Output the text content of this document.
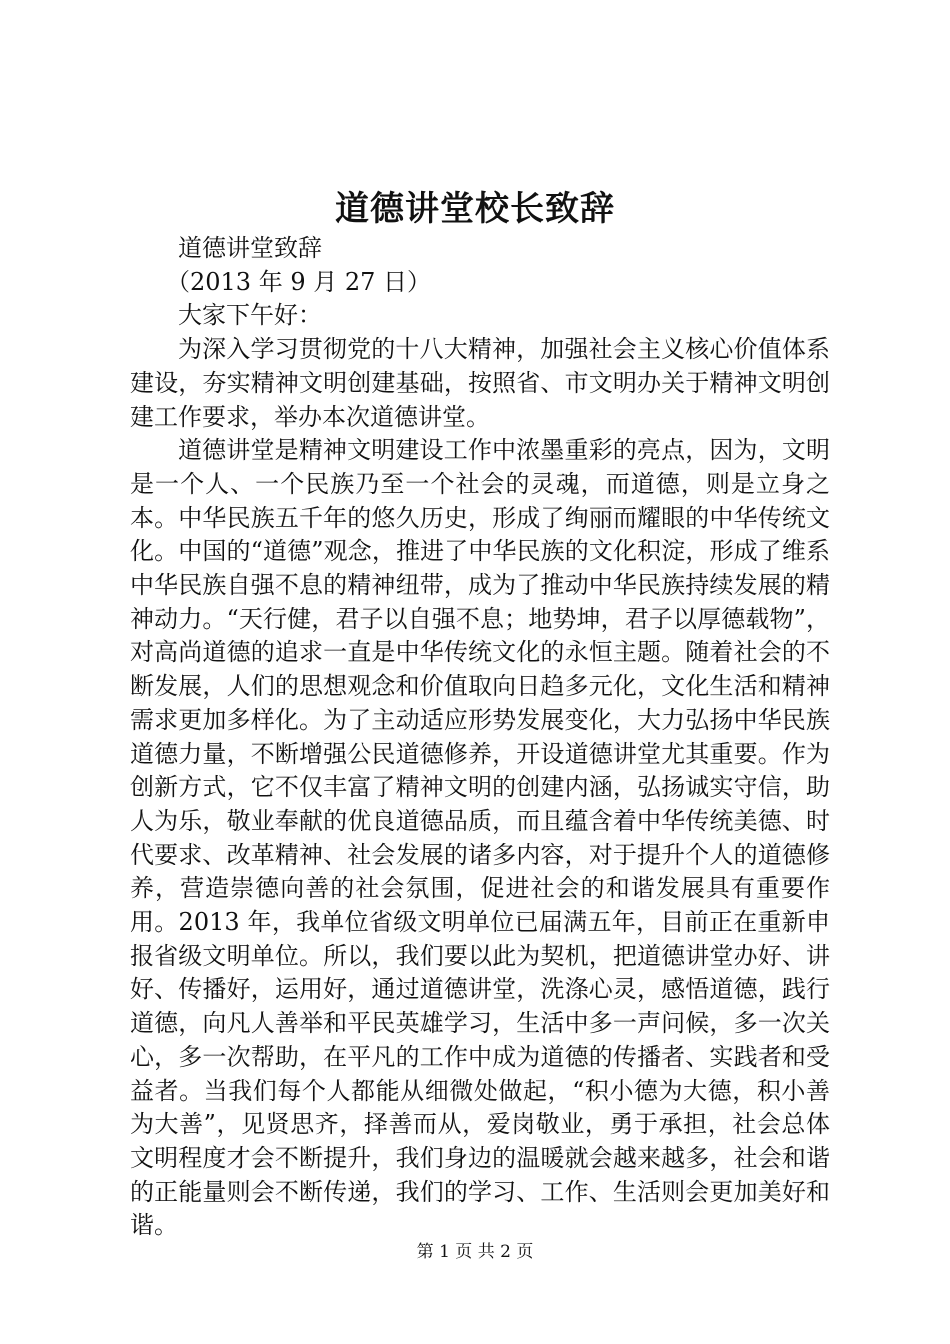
道德讲堂校长致辞
道德讲堂致辞
（2013 年 9 月 27 日）
大家下午好：
为深入学习贯彻党的十八大精神，加强社会主义核心价值体系建设，夯实精神文明创建基础，按照省、市文明办关于精神文明创建工作要求，举办本次道德讲堂。
道德讲堂是精神文明建设工作中浓墨重彩的亮点，因为，文明是一个人、一个民族乃至一个社会的灵魂，而道德，则是立身之本。中华民族五千年的悠久历史，形成了绚丽而耀眼的中华传统文化。中国的“道德”观念，推进了中华民族的文化积淀，形成了维系中华民族自强不息的精神纽带，成为了推动中华民族持续发展的精神动力。“天行健，君子以自强不息；地势坤，君子以厚德载物”，对高尚道德的追求一直是中华传统文化的永恒主题。随着社会的不断发展，人们的思想观念和价值取向日趋多元化，文化生活和精神需求更加多样化。为了主动适应形势发展变化，大力弘扬中华民族道德力量，不断增强公民道德修养，开设道德讲堂尤其重要。作为创新方式，它不仅丰富了精神文明的创建内涵，弘扬诚实守信，助人为乐，敬业奉献的优良道德品质，而且蕴含着中华传统美德、时代要求、改革精神、社会发展的诸多内容，对于提升个人的道德修养，营造崇德向善的社会氛围，促进社会的和谐发展具有重要作用。2013 年，我单位省级文明单位已届满五年，目前正在重新申报省级文明单位。所以，我们要以此为契机，把道德讲堂办好、讲好、传播好，运用好，通过道德讲堂，洗涤心灵，感悟道德，践行道德，向凡人善举和平民英雄学习，生活中多一声问候，多一次关心，多一次帮助，在平凡的工作中成为道德的传播者、实践者和受益者。当我们每个人都能从细微处做起，“积小德为大德，积小善为大善”，见贤思齐，择善而从，爱岗敬业，勇于承担，社会总体文明程度才会不断提升，我们身边的温暖就会越来越多，社会和谐的正能量则会不断传递，我们的学习、工作、生活则会更加美好和谐。
第 1 页 共 2 页
